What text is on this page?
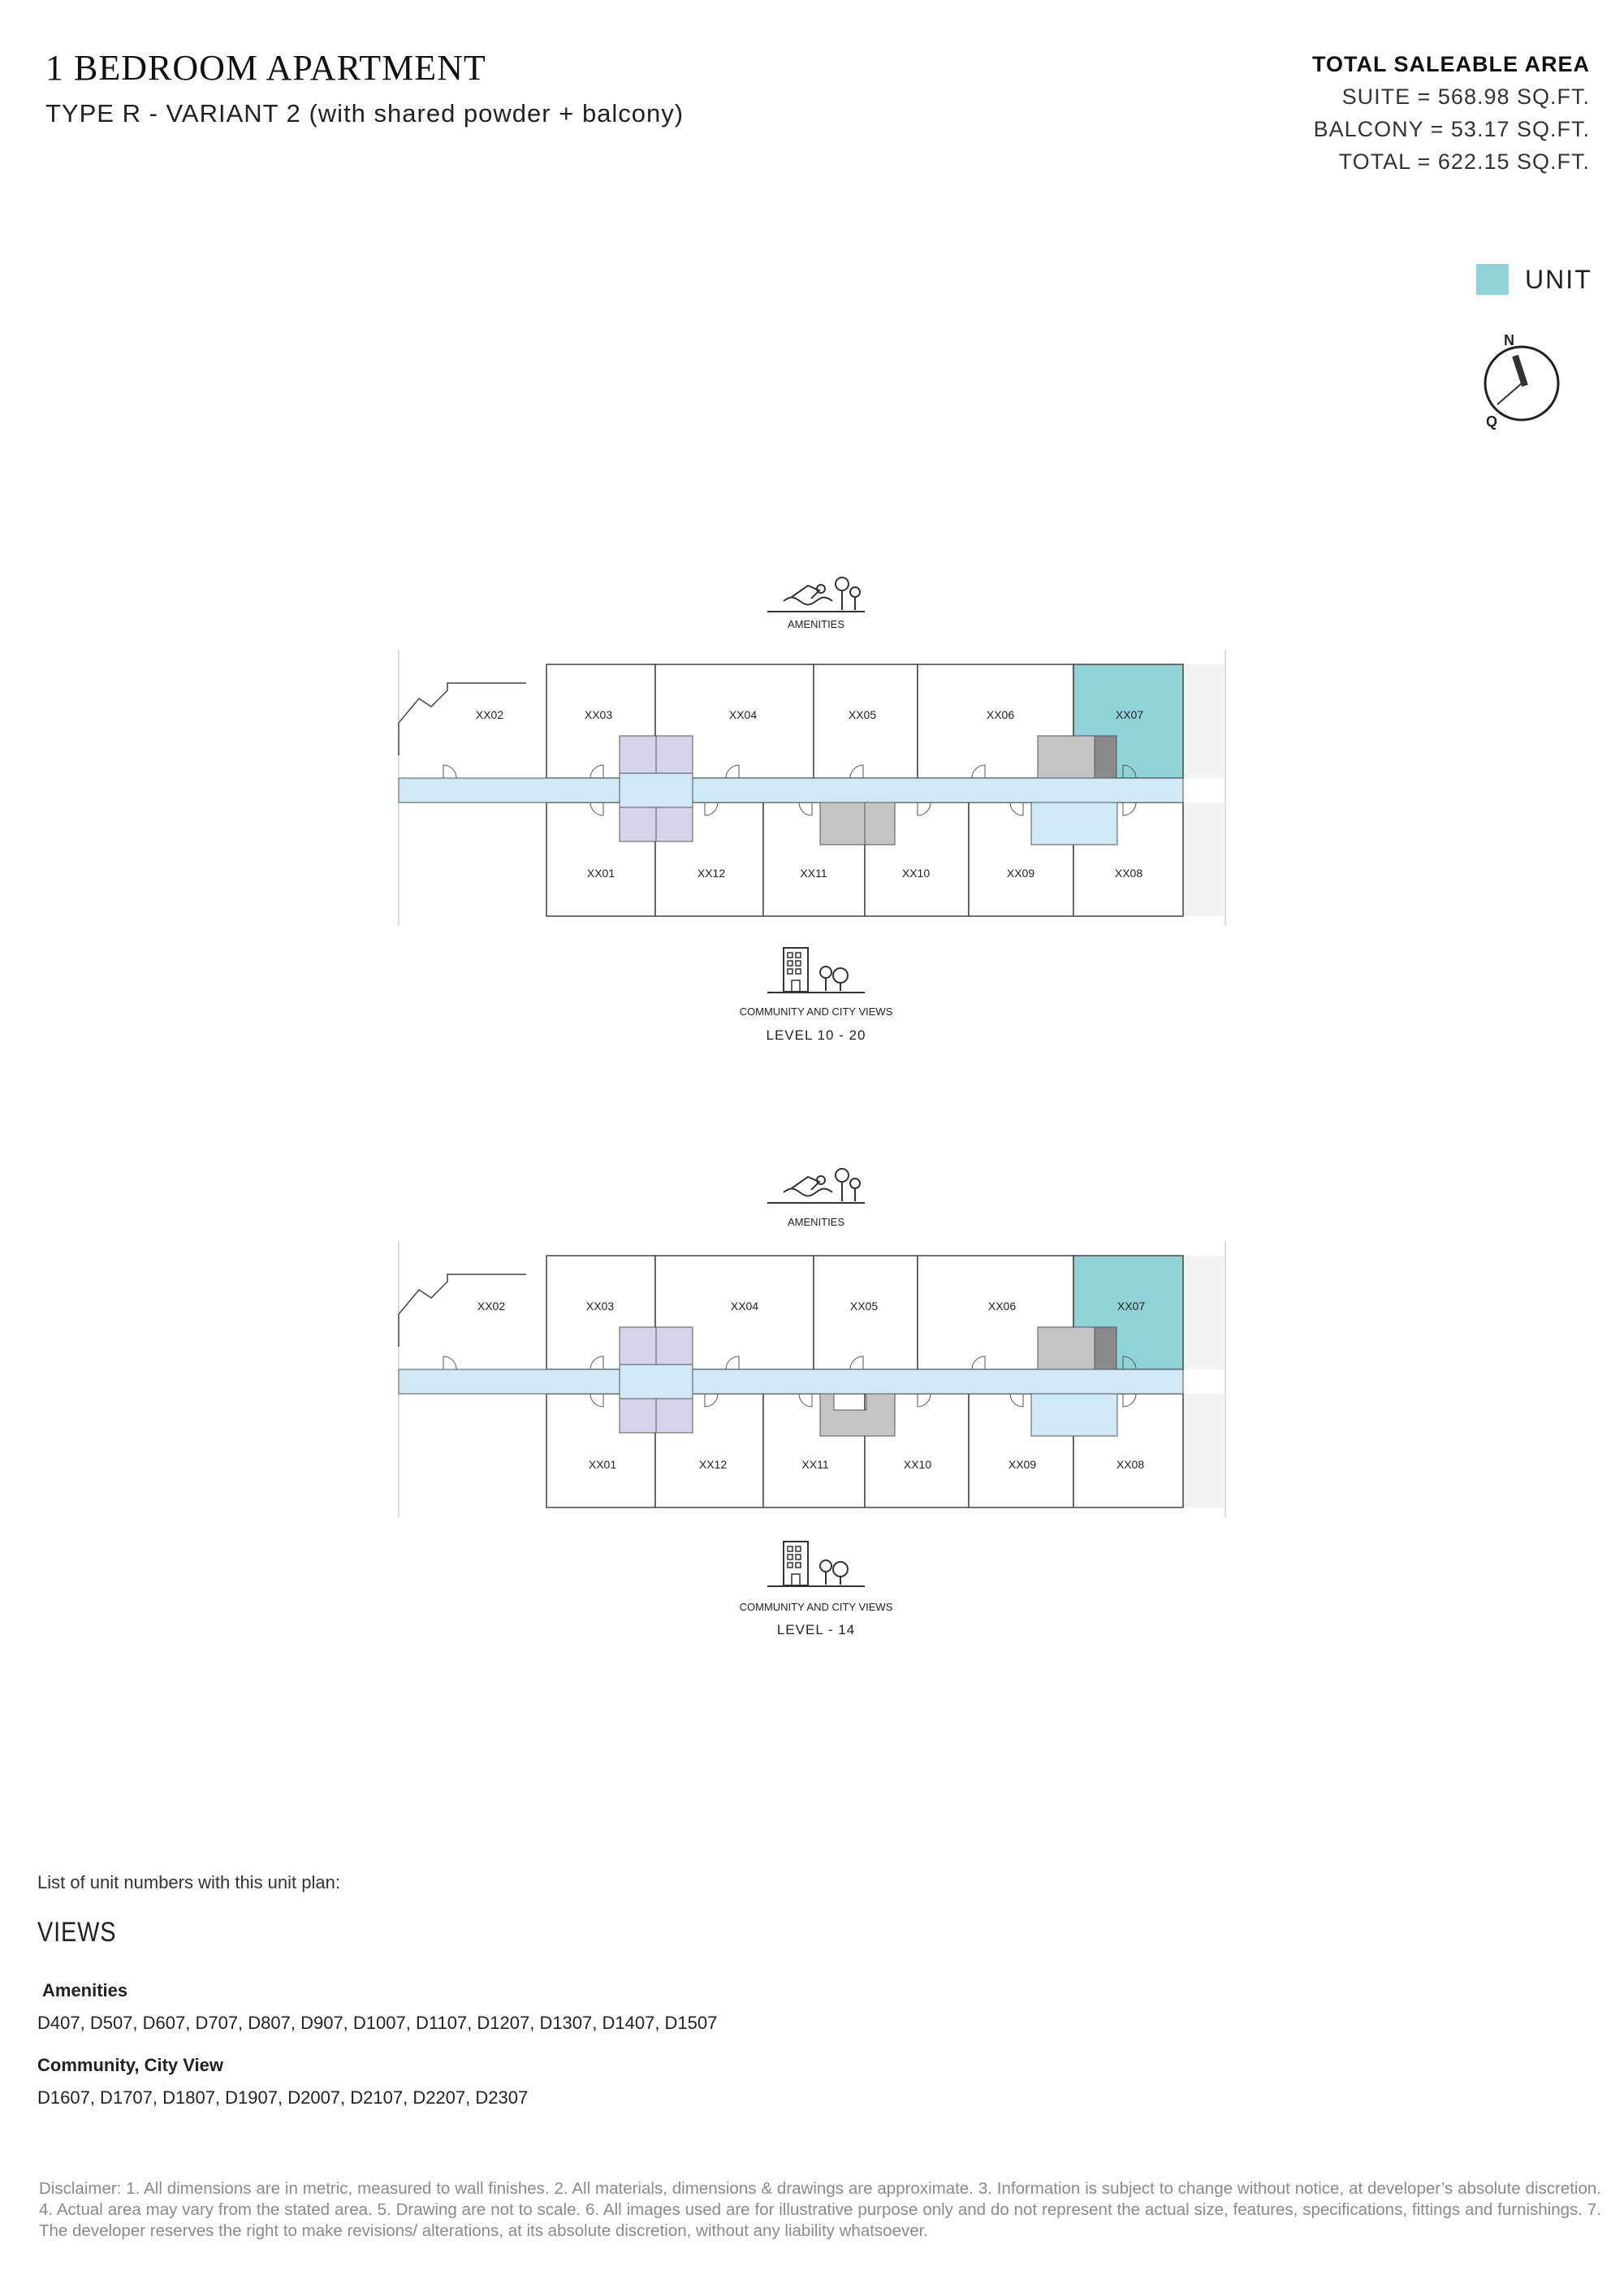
1 BEDROOM APARTMENT
TYPE R - VARIANT 2 (with shared powder + balcony)
TOTAL SALEABLE AREA
SUITE = 568.98 SQ.FT.
BALCONY = 53.17 SQ.FT.
TOTAL = 622.15 SQ.FT.
UNIT
N
Q
AMENITIES
XX02	XX03	XX04	XX05	XX06	XX07
XX01	XX12	XX11	XX10	XX09	XX08
COMMUNITY AND CITY VIEWS
LEVEL 10 - 20
AMENITIES
XX02	XX03	XX04	XX05	XX06	XX07
XX01	XX12	XX11	XX10	XX09	XX08
COMMUNITY AND CITY VIEWS
LEVEL - 14
List of unit numbers with this unit plan:
VIEWS
Amenities
D407, D507, D607, D707, D807, D907, D1007, D1107, D1207, D1307, D1407, D1507
Community, City View
D1607, D1707, D1807, D1907, D2007, D2107, D2207, D2307
Disclaimer: 1. All dimensions are in metric, measured to wall finishes. 2. All materials, dimensions & drawings are approximate. 3. Information is subject to change without notice, at developer’s absolute discretion. 4. Actual area may vary from the stated area. 5. Drawing are not to scale. 6. All images used are for illustrative purpose only and do not represent the actual size, features, specifications, fittings and furnishings. 7. The developer reserves the right to make revisions/ alterations, at its absolute discretion, without any liability whatsoever.
